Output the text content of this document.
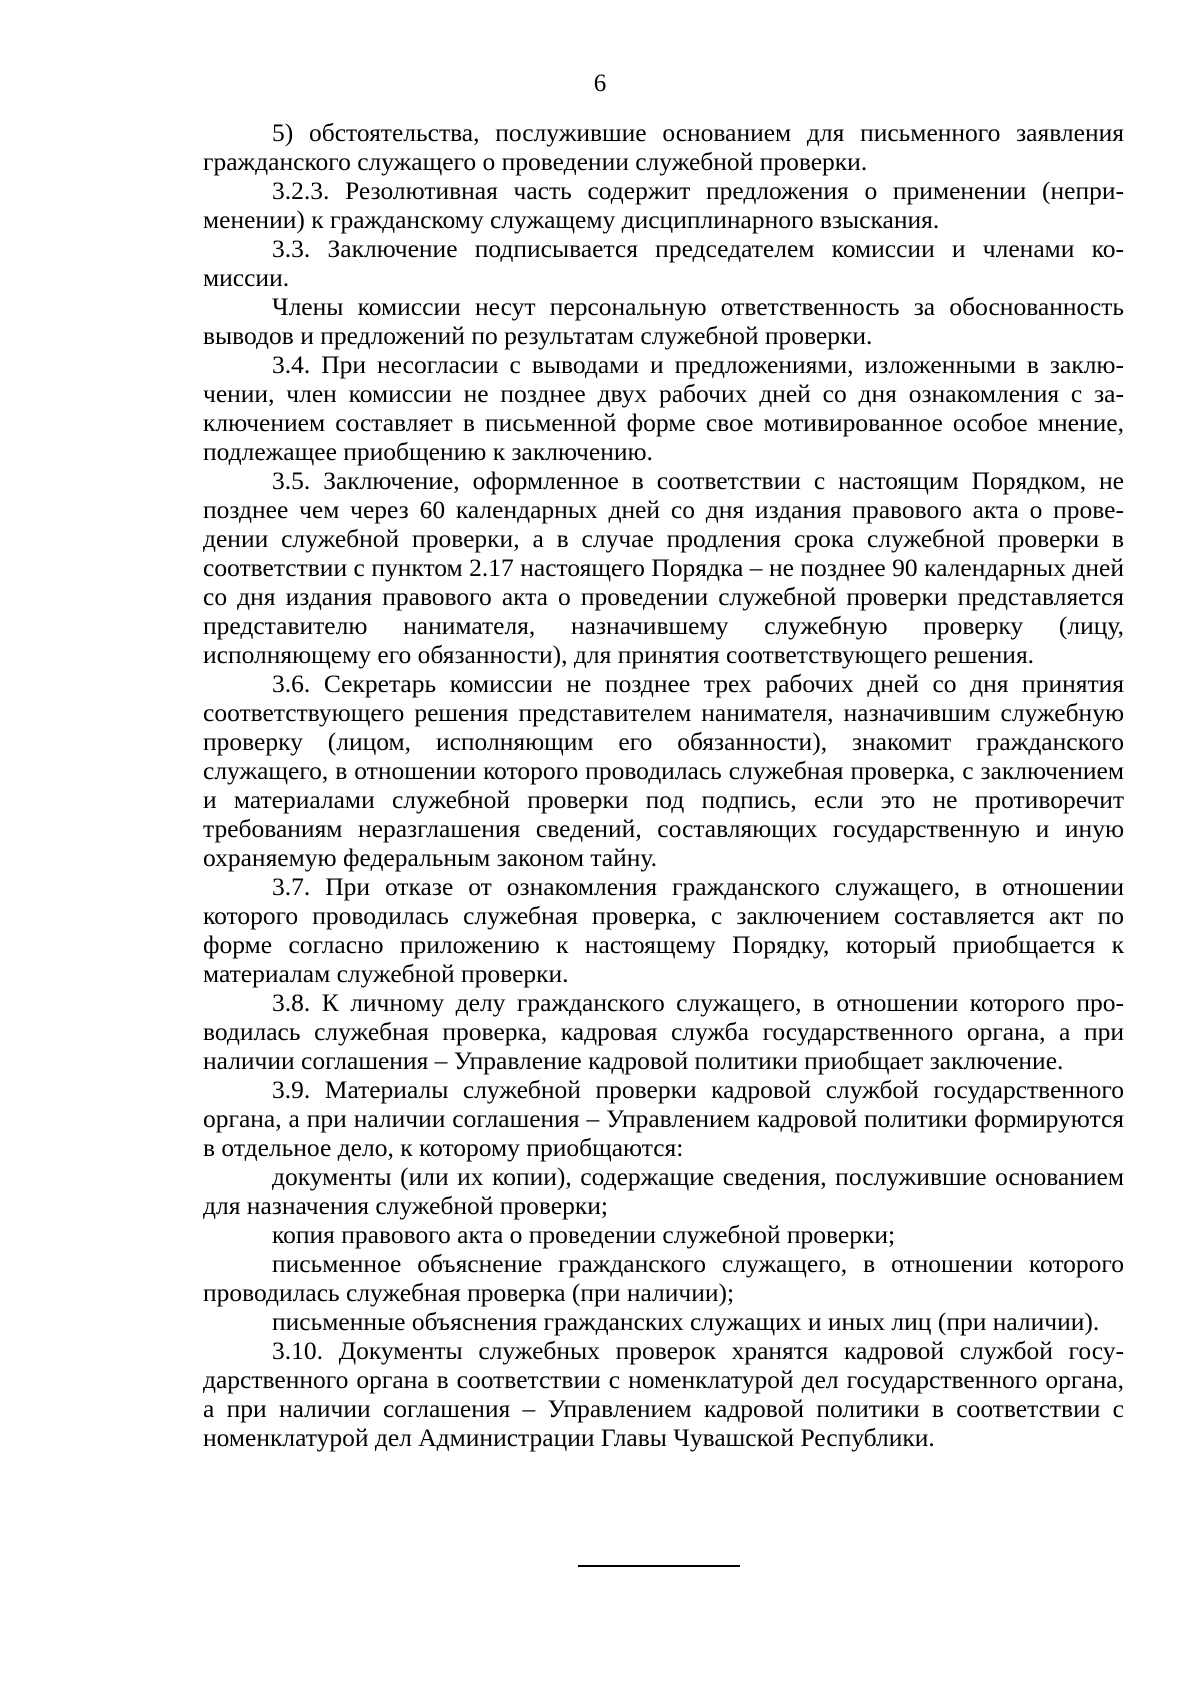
6

5) обстоятельства, послужившие основанием для письменного заявления гражданского служащего о проведении служебной проверки.

3.2.3. Резолютивная часть содержит предложения о применении (неприменении) к гражданскому служащему дисциплинарного взыскания.

3.3. Заключение подписывается председателем комиссии и членами комиссии.

Члены комиссии несут персональную ответственность за обоснованность выводов и предложений по результатам служебной проверки.

3.4. При несогласии с выводами и предложениями, изложенными в заключении, член комиссии не позднее двух рабочих дней со дня ознакомления с заключением составляет в письменной форме свое мотивированное особое мнение, подлежащее приобщению к заключению.

3.5. Заключение, оформленное в соответствии с настоящим Порядком, не позднее чем через 60 календарных дней со дня издания правового акта о проведении служебной проверки, а в случае продления срока служебной проверки в соответствии с пунктом 2.17 настоящего Порядка – не позднее 90 календарных дней со дня издания правового акта о проведении служебной проверки представляется представителю нанимателя, назначившему служебную проверку (лицу, исполняющему его обязанности), для принятия соответствующего решения.

3.6. Секретарь комиссии не позднее трех рабочих дней со дня принятия соответствующего решения представителем нанимателя, назначившим служебную проверку (лицом, исполняющим его обязанности), знакомит гражданского служащего, в отношении которого проводилась служебная проверка, с заключением и материалами служебной проверки под подпись, если это не противоречит требованиям неразглашения сведений, составляющих государственную и иную охраняемую федеральным законом тайну.

3.7. При отказе от ознакомления гражданского служащего, в отношении которого проводилась служебная проверка, с заключением составляется акт по форме согласно приложению к настоящему Порядку, который приобщается к материалам служебной проверки.

3.8. К личному делу гражданского служащего, в отношении которого проводилась служебная проверка, кадровая служба государственного органа, а при наличии соглашения – Управление кадровой политики приобщает заключение.

3.9. Материалы служебной проверки кадровой службой государственного органа, а при наличии соглашения – Управлением кадровой политики формируются в отдельное дело, к которому приобщаются:

документы (или их копии), содержащие сведения, послужившие основанием для назначения служебной проверки;

копия правового акта о проведении служебной проверки;

письменное объяснение гражданского служащего, в отношении которого проводилась служебная проверка (при наличии);

письменные объяснения гражданских служащих и иных лиц (при наличии).

3.10. Документы служебных проверок хранятся кадровой службой государственного органа в соответствии с номенклатурой дел государственного органа, а при наличии соглашения – Управлением кадровой политики в соответствии с номенклатурой дел Администрации Главы Чувашской Республики.
